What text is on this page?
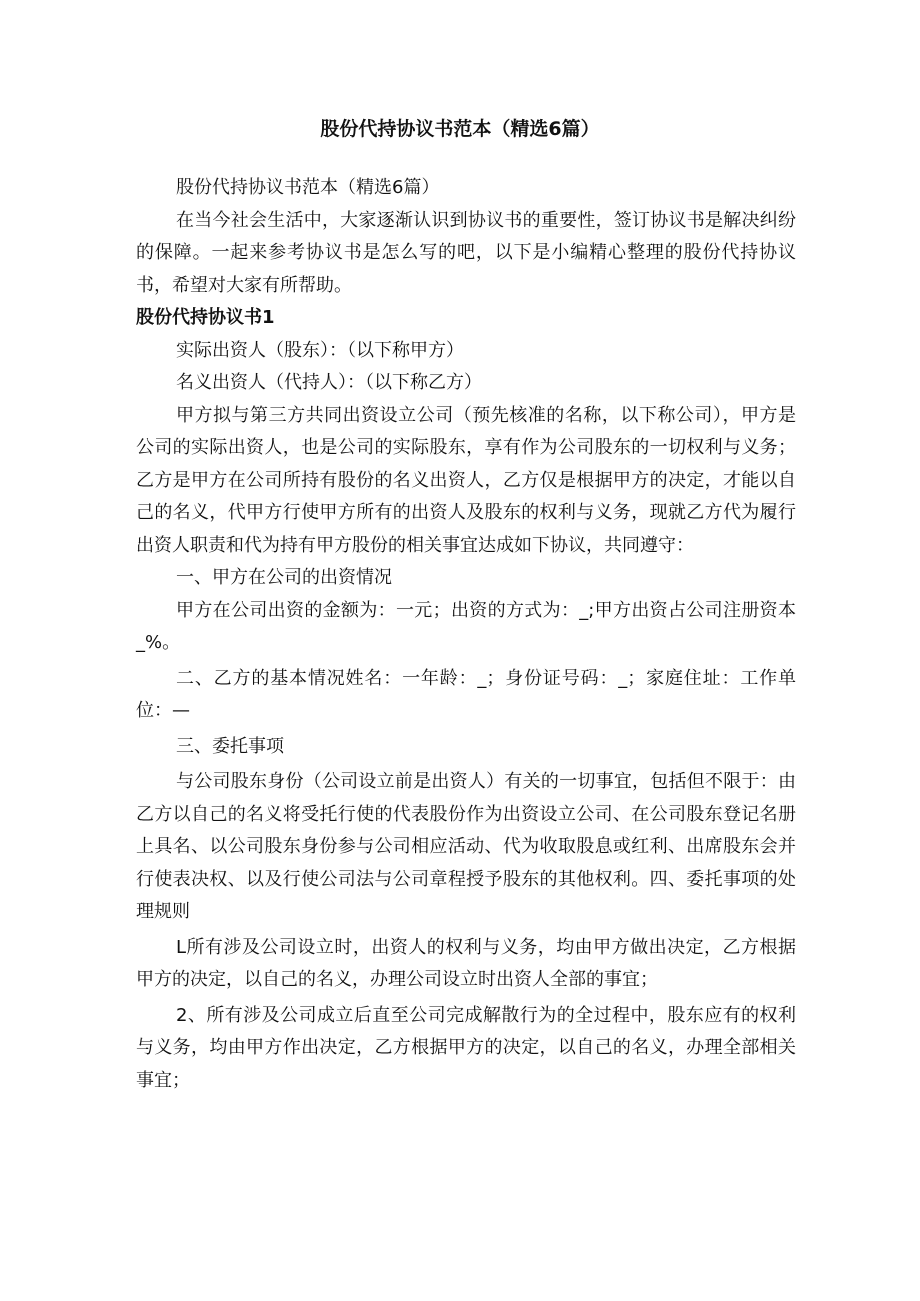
股份代持协议书范本（精选6篇）

股份代持协议书范本（精选6篇）

在当今社会生活中，大家逐渐认识到协议书的重要性，签订协议书是解决纠纷的保障。一起来参考协议书是怎么写的吧，以下是小编精心整理的股份代持协议书，希望对大家有所帮助。

股份代持协议书1

实际出资人（股东）：（以下称甲方）

名义出资人（代持人）：（以下称乙方）

甲方拟与第三方共同出资设立公司（预先核准的名称，以下称公司），甲方是公司的实际出资人，也是公司的实际股东，享有作为公司股东的一切权利与义务；乙方是甲方在公司所持有股份的名义出资人，乙方仅是根据甲方的决定，才能以自己的名义，代甲方行使甲方所有的出资人及股东的权利与义务，现就乙方代为履行出资人职责和代为持有甲方股份的相关事宜达成如下协议，共同遵守：

一、甲方在公司的出资情况

甲方在公司出资的金额为：一元；出资的方式为：_;甲方出资占公司注册资本_%。

二、乙方的基本情况姓名：一年龄：_；身份证号码：_；家庭住址：工作单位：—

三、委托事项

与公司股东身份（公司设立前是出资人）有关的一切事宜，包括但不限于：由乙方以自己的名义将受托行使的代表股份作为出资设立公司、在公司股东登记名册上具名、以公司股东身份参与公司相应活动、代为收取股息或红利、出席股东会并行使表决权、以及行使公司法与公司章程授予股东的其他权利。四、委托事项的处理规则

L所有涉及公司设立时，出资人的权利与义务，均由甲方做出决定，乙方根据甲方的决定，以自己的名义，办理公司设立时出资人全部的事宜；

2、所有涉及公司成立后直至公司完成解散行为的全过程中，股东应有的权利与义务，均由甲方作出决定，乙方根据甲方的决定，以自己的名义，办理全部相关事宜；
